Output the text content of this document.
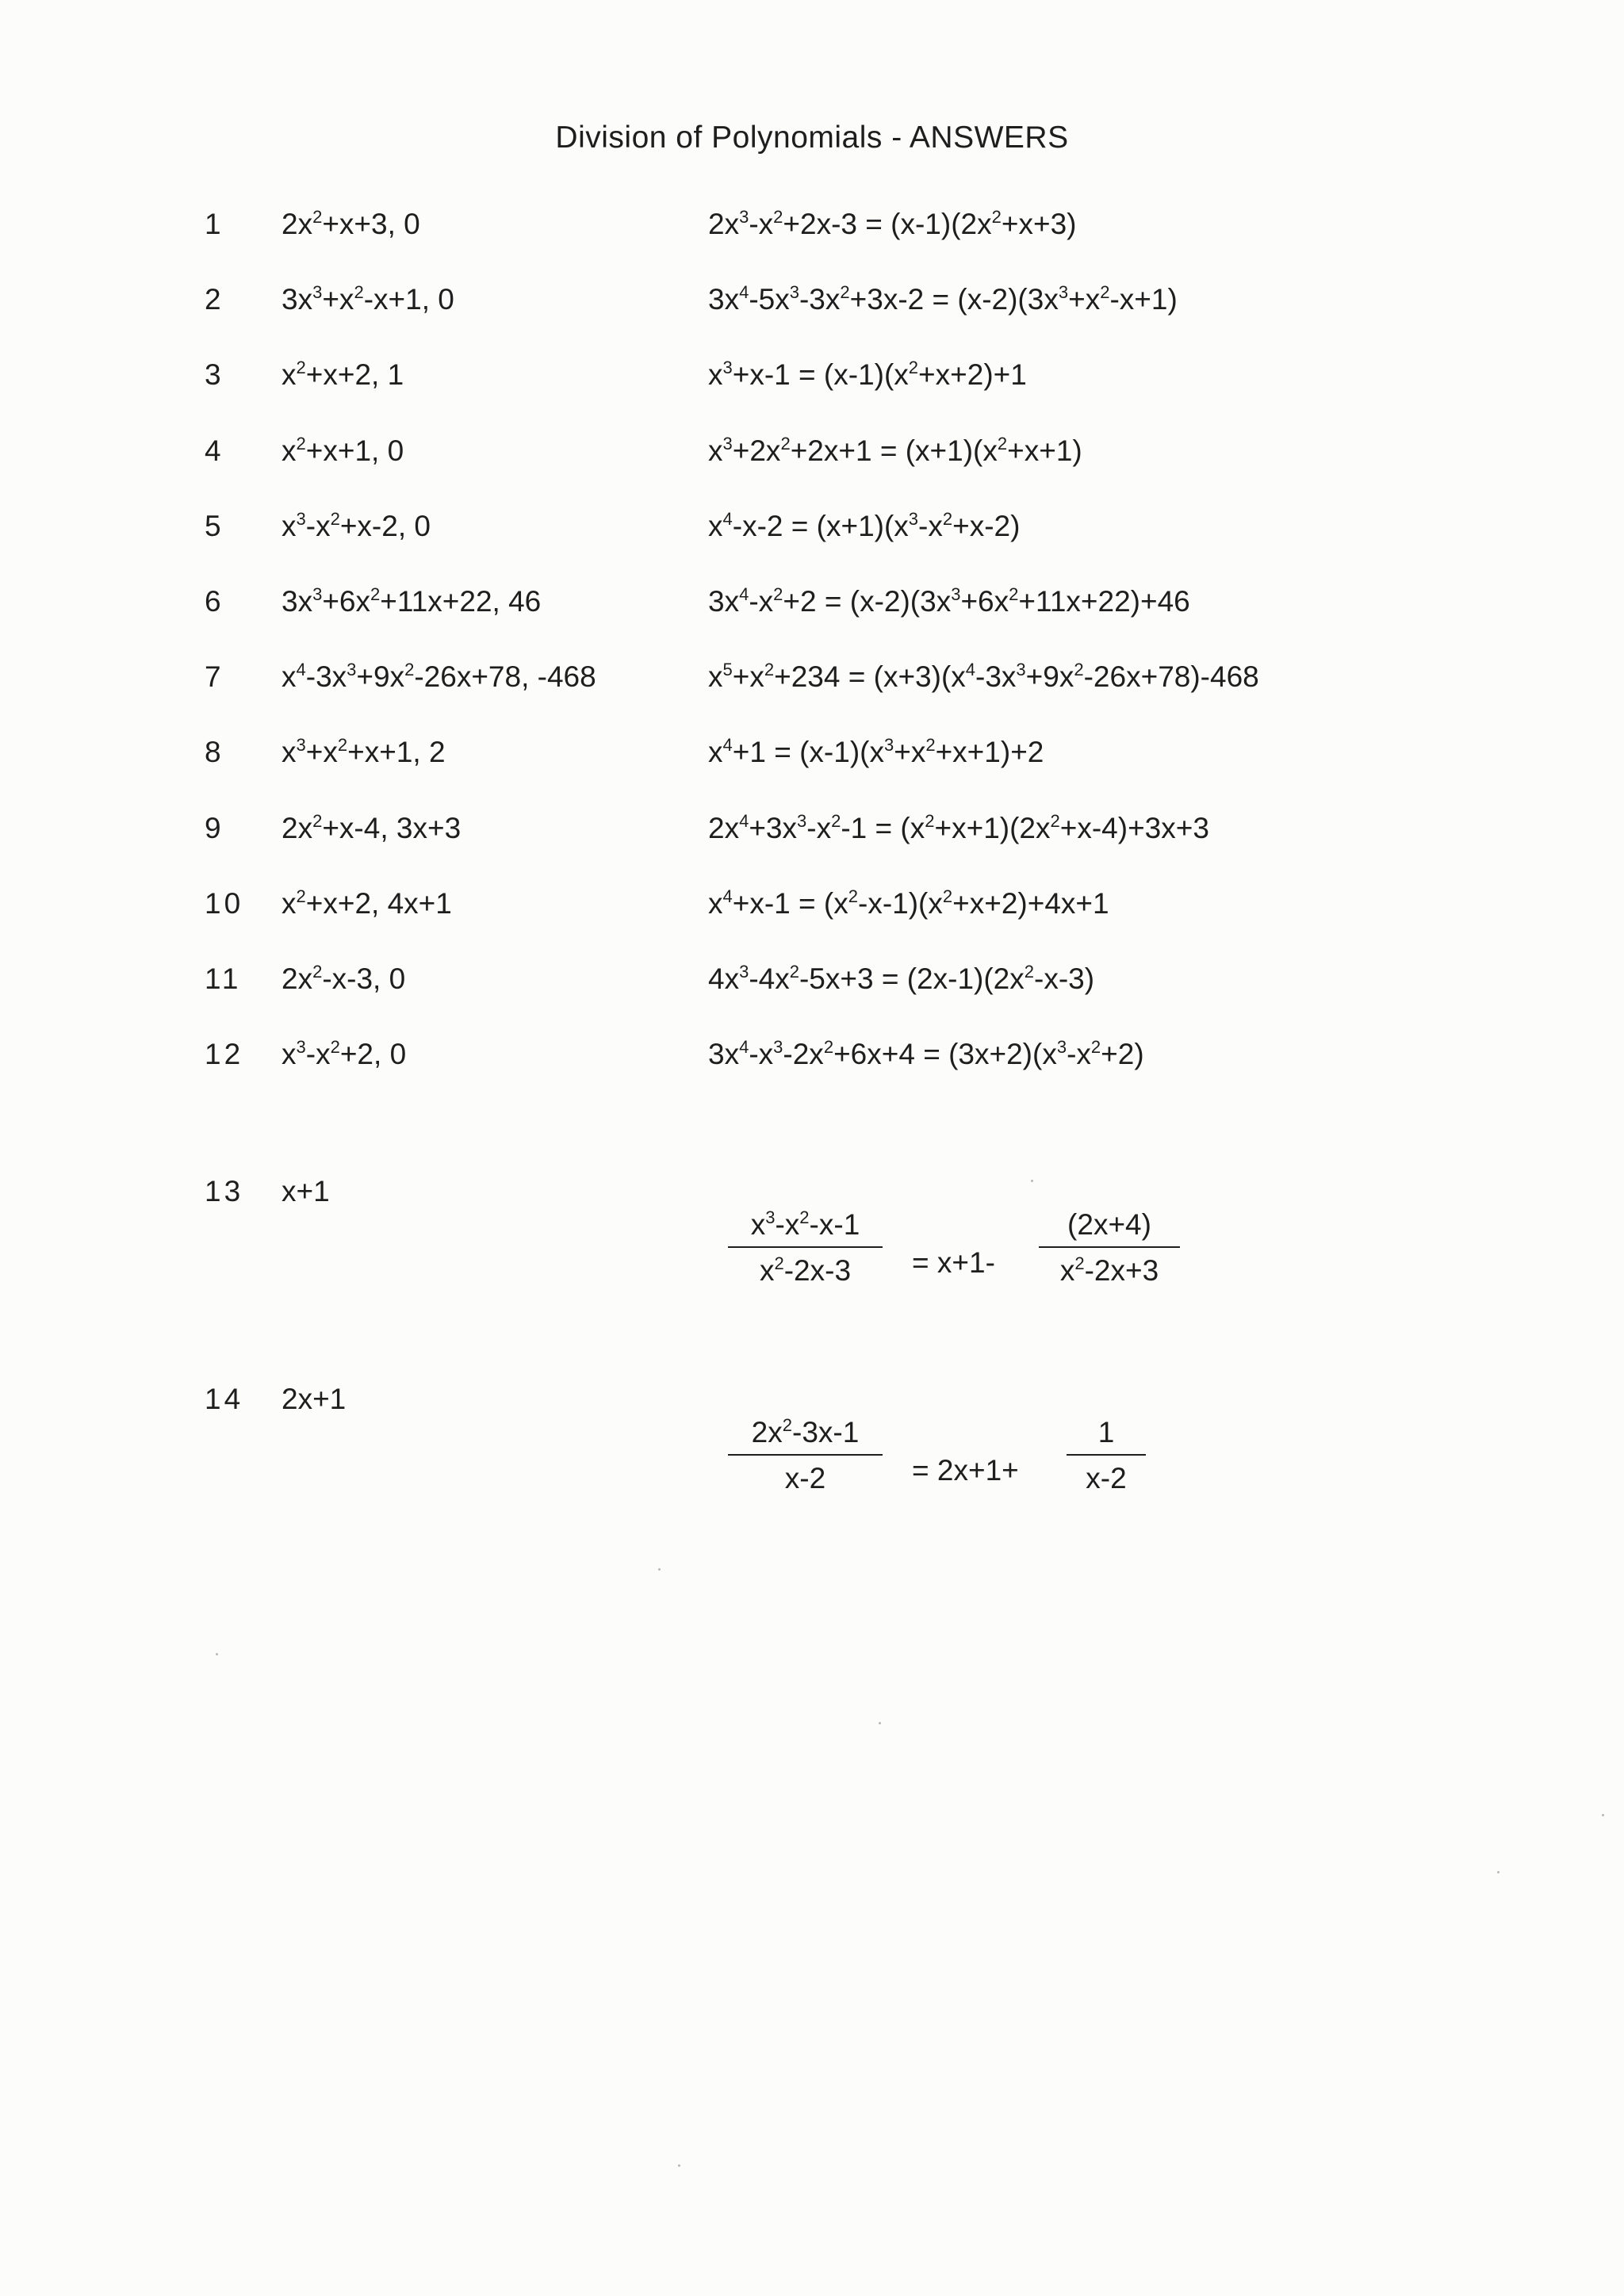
Division of Polynomials - ANSWERS
1 $2x^2+x+3$, 0	$2x^3-x^2+2x-3 = (x-1)(2x^2+x+3)$
2 $3x^3+x^2-x+1$, 0	$3x^4-5x^3-3x^2+3x-2 = (x-2)(3x^3+x^2-x+1)$
3 $x^2+x+2$, 1	$x^3+x-1 = (x-1)(x^2+x+2)+1$
4 $x^2+x+1$, 0	$x^3+2x^2+2x+1 = (x+1)(x^2+x+1)$
5 $x^3-x^2+x-2$, 0	$x^4-x-2 = (x+1)(x^3-x^2+x-2)$
6 $3x^3+6x^2+11x+22$, 46	$3x^4-x^2+2 = (x-2)(3x^3+6x^2+11x+22)+46$
7 $x^4-3x^3+9x^2-26x+78$, -468	$x^5+x^2+234 = (x+3)(x^4-3x^3+9x^2-26x+78)-468$
8 $x^3+x^2+x+1$, 2	$x^4+1 = (x-1)(x^3+x^2+x+1)+2$
9 $2x^2+x-4$, 3x+3	$2x^4+3x^3-x^2-1 = (x^2+x+1)(2x^2+x-4)+3x+3$
10 $x^2+x+2$, 4x+1	$x^4+x-1 = (x^2-x-1)(x^2+x+2)+4x+1$
11 $2x^2-x-3$, 0	$4x^3-4x^2-5x+3 = (2x-1)(2x^2-x-3)$
12 $x^3-x^2+2$, 0	$3x^4-x^3-2x^2+6x+4 = (3x+2)(x^3-x^2+2)$
13 x+1
$x^3-x^2-x-1$
$x^2-2x-3$	= x+1-
(2x+4)
$x^2-2x+3$
14 2x+1
$2x^2-3x-1$
x-2	= 2x+1+
1
x-2
